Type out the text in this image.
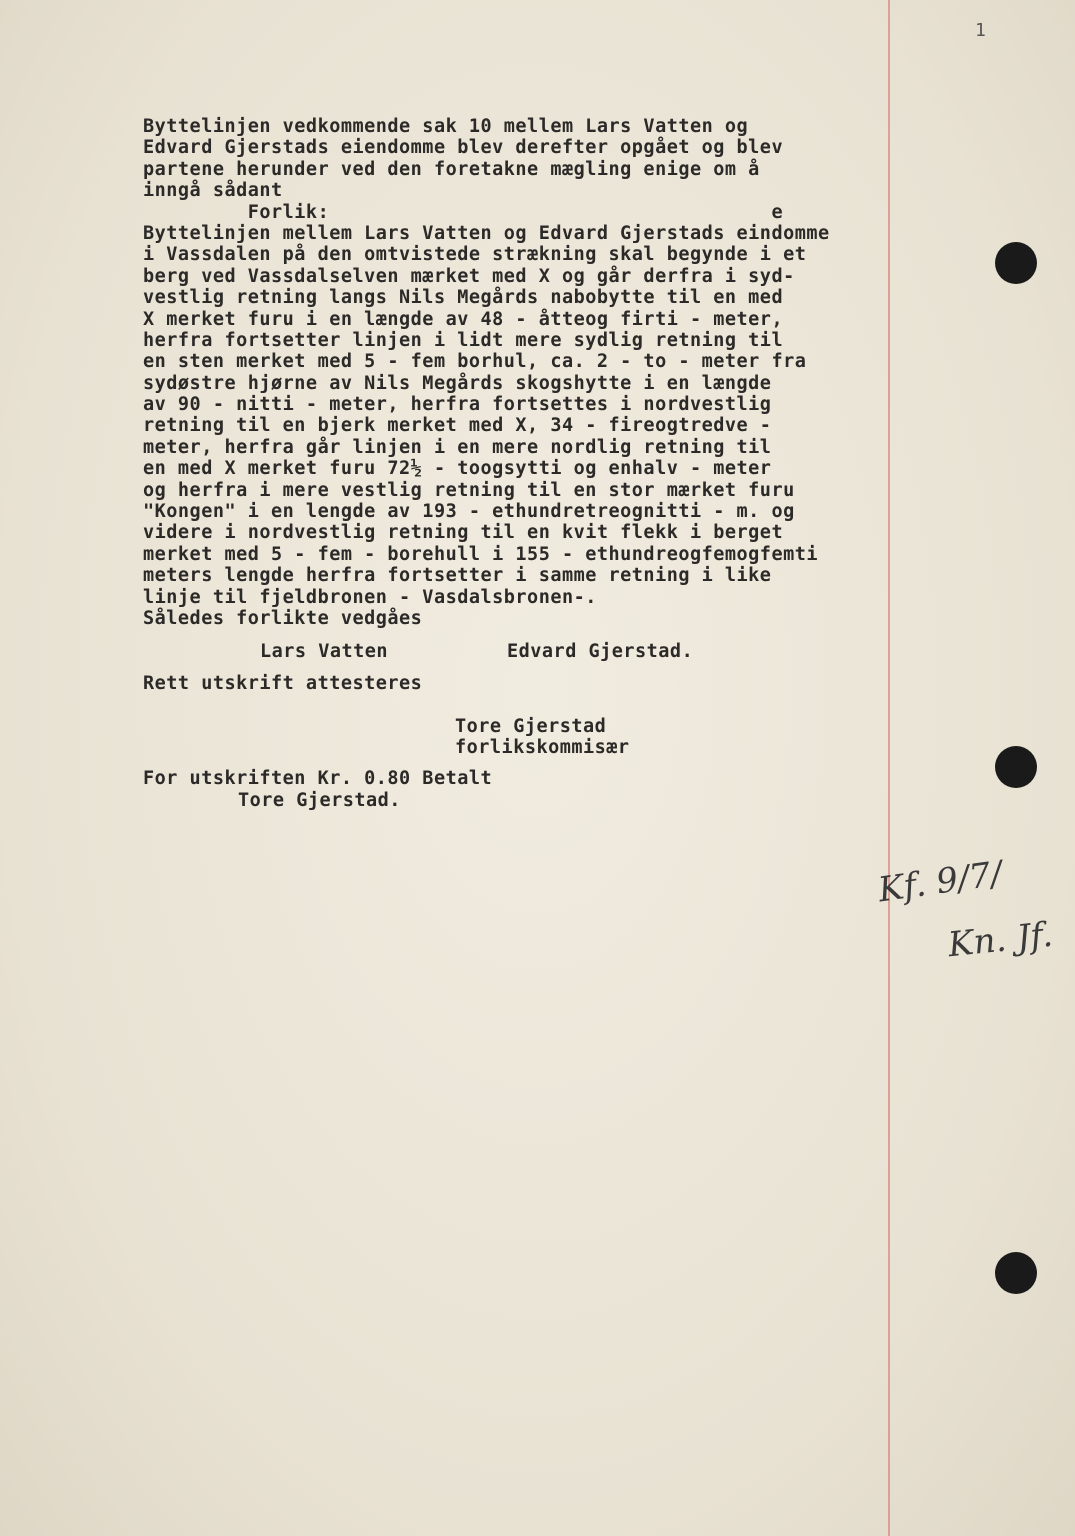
1
Byttelinjen vedkommende sak 10 mellem Lars Vatten og
Edvard Gjerstads eiendomme blev derefter opgået og blev
partene herunder ved den foretakne mægling enige om å
inngå sådant
Forlik:                                      e
Byttelinjen mellem Lars Vatten og Edvard Gjerstads eindomme
i Vassdalen på den omtvistede strækning skal begynde i et
berg ved Vassdalselven mærket med X og går derfra i syd-
vestlig retning langs Nils Megårds nabobytte til en med
X merket furu i en længde av 48 - åtteog firti - meter,
herfra fortsetter linjen i lidt mere sydlig retning til
en sten merket med 5 - fem borhul, ca. 2 - to - meter fra
sydøstre hjørne av Nils Megårds skogshytte i en længde
av 90 - nitti - meter, herfra fortsettes i nordvestlig
retning til en bjerk merket med X, 34 - fireogtredve -
meter, herfra går linjen i en mere nordlig retning til
en med X merket furu 72½ - toogsytti og enhalv - meter
og herfra i mere vestlig retning til en stor mærket furu
"Kongen" i en lengde av 193 - ethundretreognitti - m. og
videre i nordvestlig retning til en kvit flekk i berget
merket med 5 - fem - borehull i 155 - ethundreogfemogfemti
meters lengde herfra fortsetter i samme retning i like
linje til fjeldbronen - Vasdalsbronen-.
Således forlikte vedgåes
Lars Vatten	Edvard Gjerstad.
Rett utskrift attesteres
Tore Gjerstad
forlikskommisær
For utskriften Kr. 0.80 Betalt
Tore Gjerstad.
Kf. 9/7/
Kn. Jf.
